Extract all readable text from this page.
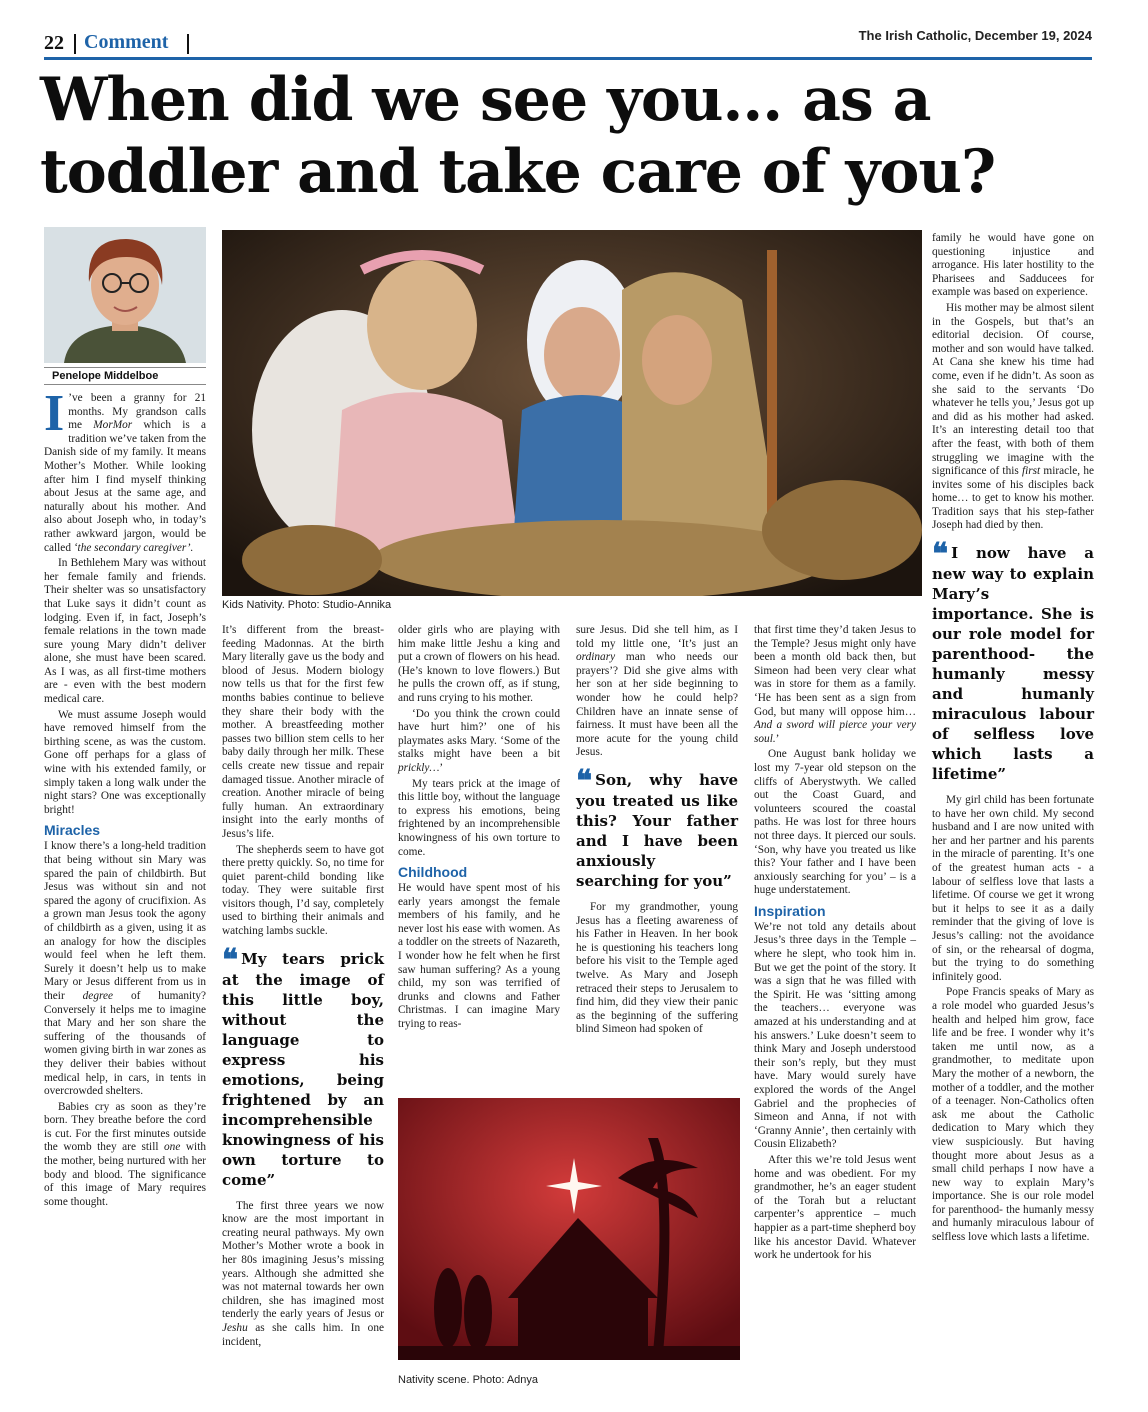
22 Comment	The Irish Catholic, December 19, 2024
When did we see you... as a toddler and take care of you?
Penelope Middelboe

I ’ve been a granny for 21 months. My grandson calls me MorMor which is a tradition we’ve taken from the Danish side of my family. It means Mother’s Mother. While looking after him I find myself thinking about Jesus at the same age, and naturally about his mother. And also about Joseph who, in today’s rather awkward jargon, would be called ‘the secondary caregiver’.

In Bethlehem Mary was without her female family and friends. Their shelter was so unsatisfactory that Luke says it didn’t count as lodging. Even if, in fact, Joseph’s female relations in the town made sure young Mary didn’t deliver alone, she must have been scared. As I was, as all first-time mothers are - even with the best modern medical care.

We must assume Joseph would have removed himself from the birthing scene, as was the custom. Gone off perhaps for a glass of wine with his extended family, or simply taken a long walk under the night stars? One was exceptionally bright!

Miracles

I know there’s a long-held tradition that being without sin Mary was spared the pain of childbirth. But Jesus was without sin and not spared the agony of crucifixion. As a grown man Jesus took the agony of childbirth as a given, using it as an analogy for how the disciples would feel when he left them. Surely it doesn’t help us to make Mary or Jesus different from us in their degree of humanity? Conversely it helps me to imagine that Mary and her son share the suffering of the thousands of women giving birth in war zones as they deliver their babies without medical help, in cars, in tents in overcrowded shelters.

Babies cry as soon as they’re born. They breathe before the cord is cut. For the first minutes outside the womb they are still one with the mother, being nurtured with her body and blood. The significance of this image of Mary requires some thought.

Kids Nativity. Photo: Studio-Annika

It’s different from the breast-feeding Madonnas. At the birth Mary literally gave us the body and blood of Jesus. Modern biology now tells us that for the first few months babies continue to believe they share their body with the mother. A breastfeeding mother passes two billion stem cells to her baby daily through her milk. These cells create new tissue and repair damaged tissue. Another miracle of creation. Another miracle of being fully human. An extraordinary insight into the early months of Jesus’s life.

The shepherds seem to have got there pretty quickly. So, no time for quiet parent-child bonding like today. They were suitable first visitors though, I’d say, completely used to birthing their animals and watching lambs suckle.

❝ My tears prick at the image of this little boy, without the language to express his emotions, being frightened by an incomprehensible knowingness of his own torture to come”

The first three years we now know are the most important in creating neural pathways. My own Mother’s Mother wrote a book in her 80s imagining Jesus’s missing years. Although she admitted she was not maternal towards her own children, she has imagined most tenderly the early years of Jesus or Jeshu as she calls him. In one incident,

older girls who are playing with him make little Jeshu a king and put a crown of flowers on his head. (He’s known to love flowers.) But he pulls the crown off, as if stung, and runs crying to his mother.

‘Do you think the crown could have hurt him?’ one of his playmates asks Mary. ‘Some of the stalks might have been a bit prickly…’

My tears prick at the image of this little boy, without the language to express his emotions, being frightened by an incomprehensible knowingness of his own torture to come.

Childhood

He would have spent most of his early years amongst the female members of his family, and he never lost his ease with women. As a toddler on the streets of Nazareth, I wonder how he felt when he first saw human suffering? As a young child, my son was terrified of drunks and clowns and Father Christmas. I can imagine Mary trying to reas-

sure Jesus. Did she tell him, as I told my little one, ‘It’s just an ordinary man who needs our prayers’? Did she give alms with her son at her side beginning to wonder how he could help? Children have an innate sense of fairness. It must have been all the more acute for the young child Jesus.

❝ Son, why have you treated us like this? Your father and I have been anxiously searching for you”

For my grandmother, young Jesus has a fleeting awareness of his Father in Heaven. In her book he is questioning his teachers long before his visit to the Temple aged twelve. As Mary and Joseph retraced their steps to Jerusalem to find him, did they view their panic as the beginning of the suffering blind Simeon had spoken of

Nativity scene. Photo: Adnya

that first time they’d taken Jesus to the Temple? Jesus might only have been a month old back then, but Simeon had been very clear what was in store for them as a family. ‘He has been sent as a sign from God, but many will oppose him… And a sword will pierce your very soul.’

One August bank holiday we lost my 7-year old stepson on the cliffs of Aberystwyth. We called out the Coast Guard, and volunteers scoured the coastal paths. He was lost for three hours not three days. It pierced our souls. ‘Son, why have you treated us like this? Your father and I have been anxiously searching for you’ – is a huge understatement.

Inspiration

We’re not told any details about Jesus’s three days in the Temple – where he slept, who took him in. But we get the point of the story. It was a sign that he was filled with the Spirit. He was ‘sitting among the teachers… everyone was amazed at his understanding and at his answers.’ Luke doesn’t seem to think Mary and Joseph understood their son’s reply, but they must have. Mary would surely have explored the words of the Angel Gabriel and the prophecies of Simeon and Anna, if not with ‘Granny Annie’, then certainly with Cousin Elizabeth?

After this we’re told Jesus went home and was obedient. For my grandmother, he’s an eager student of the Torah but a reluctant carpenter’s apprentice – much happier as a part-time shepherd boy like his ancestor David. Whatever work he undertook for his

family he would have gone on questioning injustice and arrogance. His later hostility to the Pharisees and Sadducees for example was based on experience.

His mother may be almost silent in the Gospels, but that’s an editorial decision. Of course, mother and son would have talked. At Cana she knew his time had come, even if he didn’t. As soon as she said to the servants ‘Do whatever he tells you,’ Jesus got up and did as his mother had asked. It’s an interesting detail too that after the feast, with both of them struggling we imagine with the significance of this first miracle, he invites some of his disciples back home… to get to know his mother. Tradition says that his step-father Joseph had died by then.

❝ I now have a new way to explain Mary’s importance. She is our role model for parenthood- the humanly messy and humanly miraculous labour of selfless love which lasts a lifetime”

My girl child has been fortunate to have her own child. My second husband and I are now united with her and her partner and his parents in the miracle of parenting. It’s one of the greatest human acts - a labour of selfless love that lasts a lifetime. Of course we get it wrong but it helps to see it as a daily reminder that the giving of love is Jesus’s calling: not the avoidance of sin, or the rehearsal of dogma, but the trying to do something infinitely good.

Pope Francis speaks of Mary as a role model who guarded Jesus’s health and helped him grow, face life and be free. I wonder why it’s taken me until now, as a grandmother, to meditate upon Mary the mother of a newborn, the mother of a toddler, and the mother of a teenager. Non-Catholics often ask me about the Catholic dedication to Mary which they view suspiciously. But having thought more about Jesus as a small child perhaps I now have a new way to explain Mary’s importance. She is our role model for parenthood- the humanly messy and humanly miraculous labour of selfless love which lasts a lifetime.
